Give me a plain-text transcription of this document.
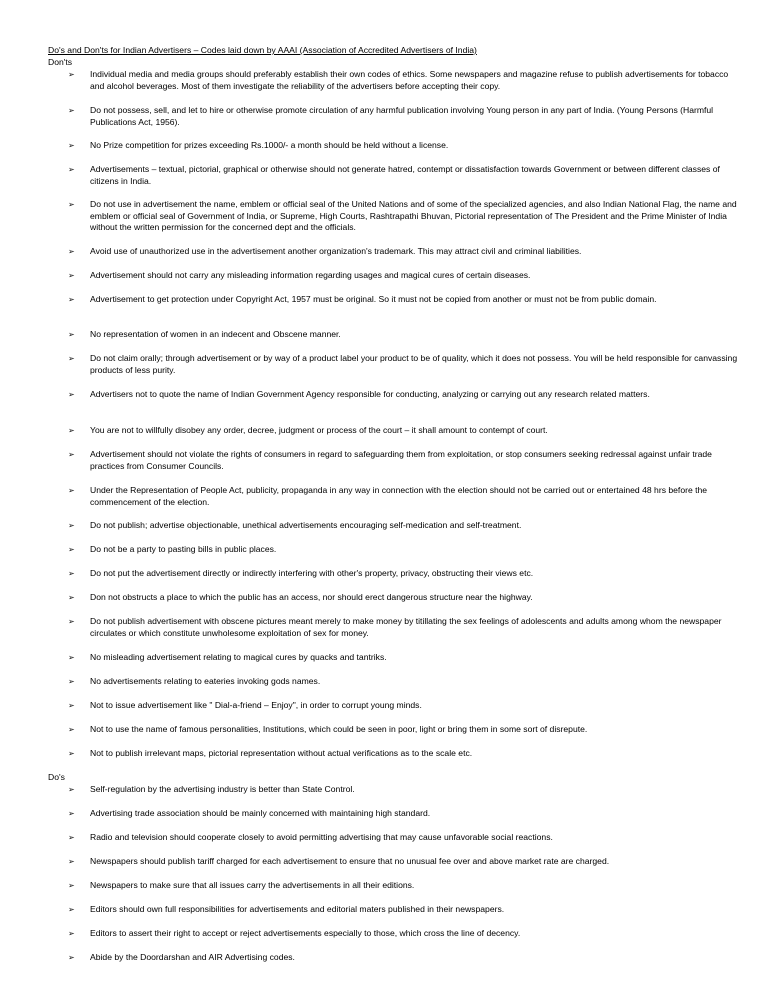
Do's and Don'ts for Indian Advertisers – Codes laid down by AAAI (Association of Accredited Advertisers of India)
Don'ts
➢ Individual media and media groups should preferably establish their own codes of ethics. Some newspapers and magazine refuse to publish advertisements for tobacco and alcohol beverages. Most of them investigate the reliability of the advertisers before accepting their copy.
➢ Do not possess, sell, and let to hire or otherwise promote circulation of any harmful publication involving Young person in any part of India. (Young Persons (Harmful Publications Act, 1956).
➢ No Prize competition for prizes exceeding Rs.1000/- a month should be held without a license.
➢ Advertisements – textual, pictorial, graphical or otherwise should not generate hatred, contempt or dissatisfaction towards Government or between different classes of citizens in India.
➢ Do not use in advertisement the name, emblem or official seal of the United Nations and of some of the specialized agencies, and also Indian National Flag, the name and emblem or official seal of Government of India, or Supreme, High Courts, Rashtrapathi Bhuvan, Pictorial representation of The President and the Prime Minister of India without the written permission for the concerned dept and the officials.
➢ Avoid use of unauthorized use in the advertisement another organization's trademark. This may attract civil and criminal liabilities.
➢ Advertisement should not carry any misleading information regarding usages and magical cures of certain diseases.
➢ Advertisement to get protection under Copyright Act, 1957 must be original. So it must not be copied from another or must not be from public domain.
➢ No representation of women in an indecent and Obscene manner.
➢ Do not claim orally; through advertisement or by way of a product label your product to be of quality, which it does not possess. You will be held responsible for canvassing products of less purity.
➢ Advertisers not to quote the name of Indian Government Agency responsible for conducting, analyzing or carrying out any research related matters.
➢ You are not to willfully disobey any order, decree, judgment or process of the court – it shall amount to contempt of court.
➢ Advertisement should not violate the rights of consumers in regard to safeguarding them from exploitation, or stop consumers seeking redressal against unfair trade practices from Consumer Councils.
➢ Under the Representation of People Act, publicity, propaganda in any way in connection with the election should not be carried out or entertained 48 hrs before the commencement of the election.
➢ Do not publish; advertise objectionable, unethical advertisements encouraging self-medication and self-treatment.
➢ Do not be a party to pasting bills in public places.
➢ Do not put the advertisement directly or indirectly interfering with other's property, privacy, obstructing their views etc.
➢ Don not obstructs a place to which the public has an access, nor should erect dangerous structure near the highway.
➢ Do not publish advertisement with obscene pictures meant merely to make money by titillating the sex feelings of adolescents and adults among whom the newspaper circulates or which constitute unwholesome exploitation of sex for money.
➢ No misleading advertisement relating to magical cures by quacks and tantriks.
➢ No advertisements relating to eateries invoking gods names.
➢ Not to issue advertisement like " Dial-a-friend – Enjoy", in order to corrupt young minds.
➢ Not to use the name of famous personalities, Institutions, which could be seen in poor, light or bring them in some sort of disrepute.
➢ Not to publish irrelevant maps, pictorial representation without actual verifications as to the scale etc.
Do's
➢ Self-regulation by the advertising industry is better than State Control.
➢ Advertising trade association should be mainly concerned with maintaining high standard.
➢ Radio and television should cooperate closely to avoid permitting advertising that may cause unfavorable social reactions.
➢ Newspapers should publish tariff charged for each advertisement to ensure that no unusual fee over and above market rate are charged.
➢ Newspapers to make sure that all issues carry the advertisements in all their editions.
➢ Editors should own full responsibilities for advertisements and editorial maters published in their newspapers.
➢ Editors to assert their right to accept or reject advertisements especially to those, which cross the line of decency.
➢ Abide by the Doordarshan and AIR Advertising codes.
